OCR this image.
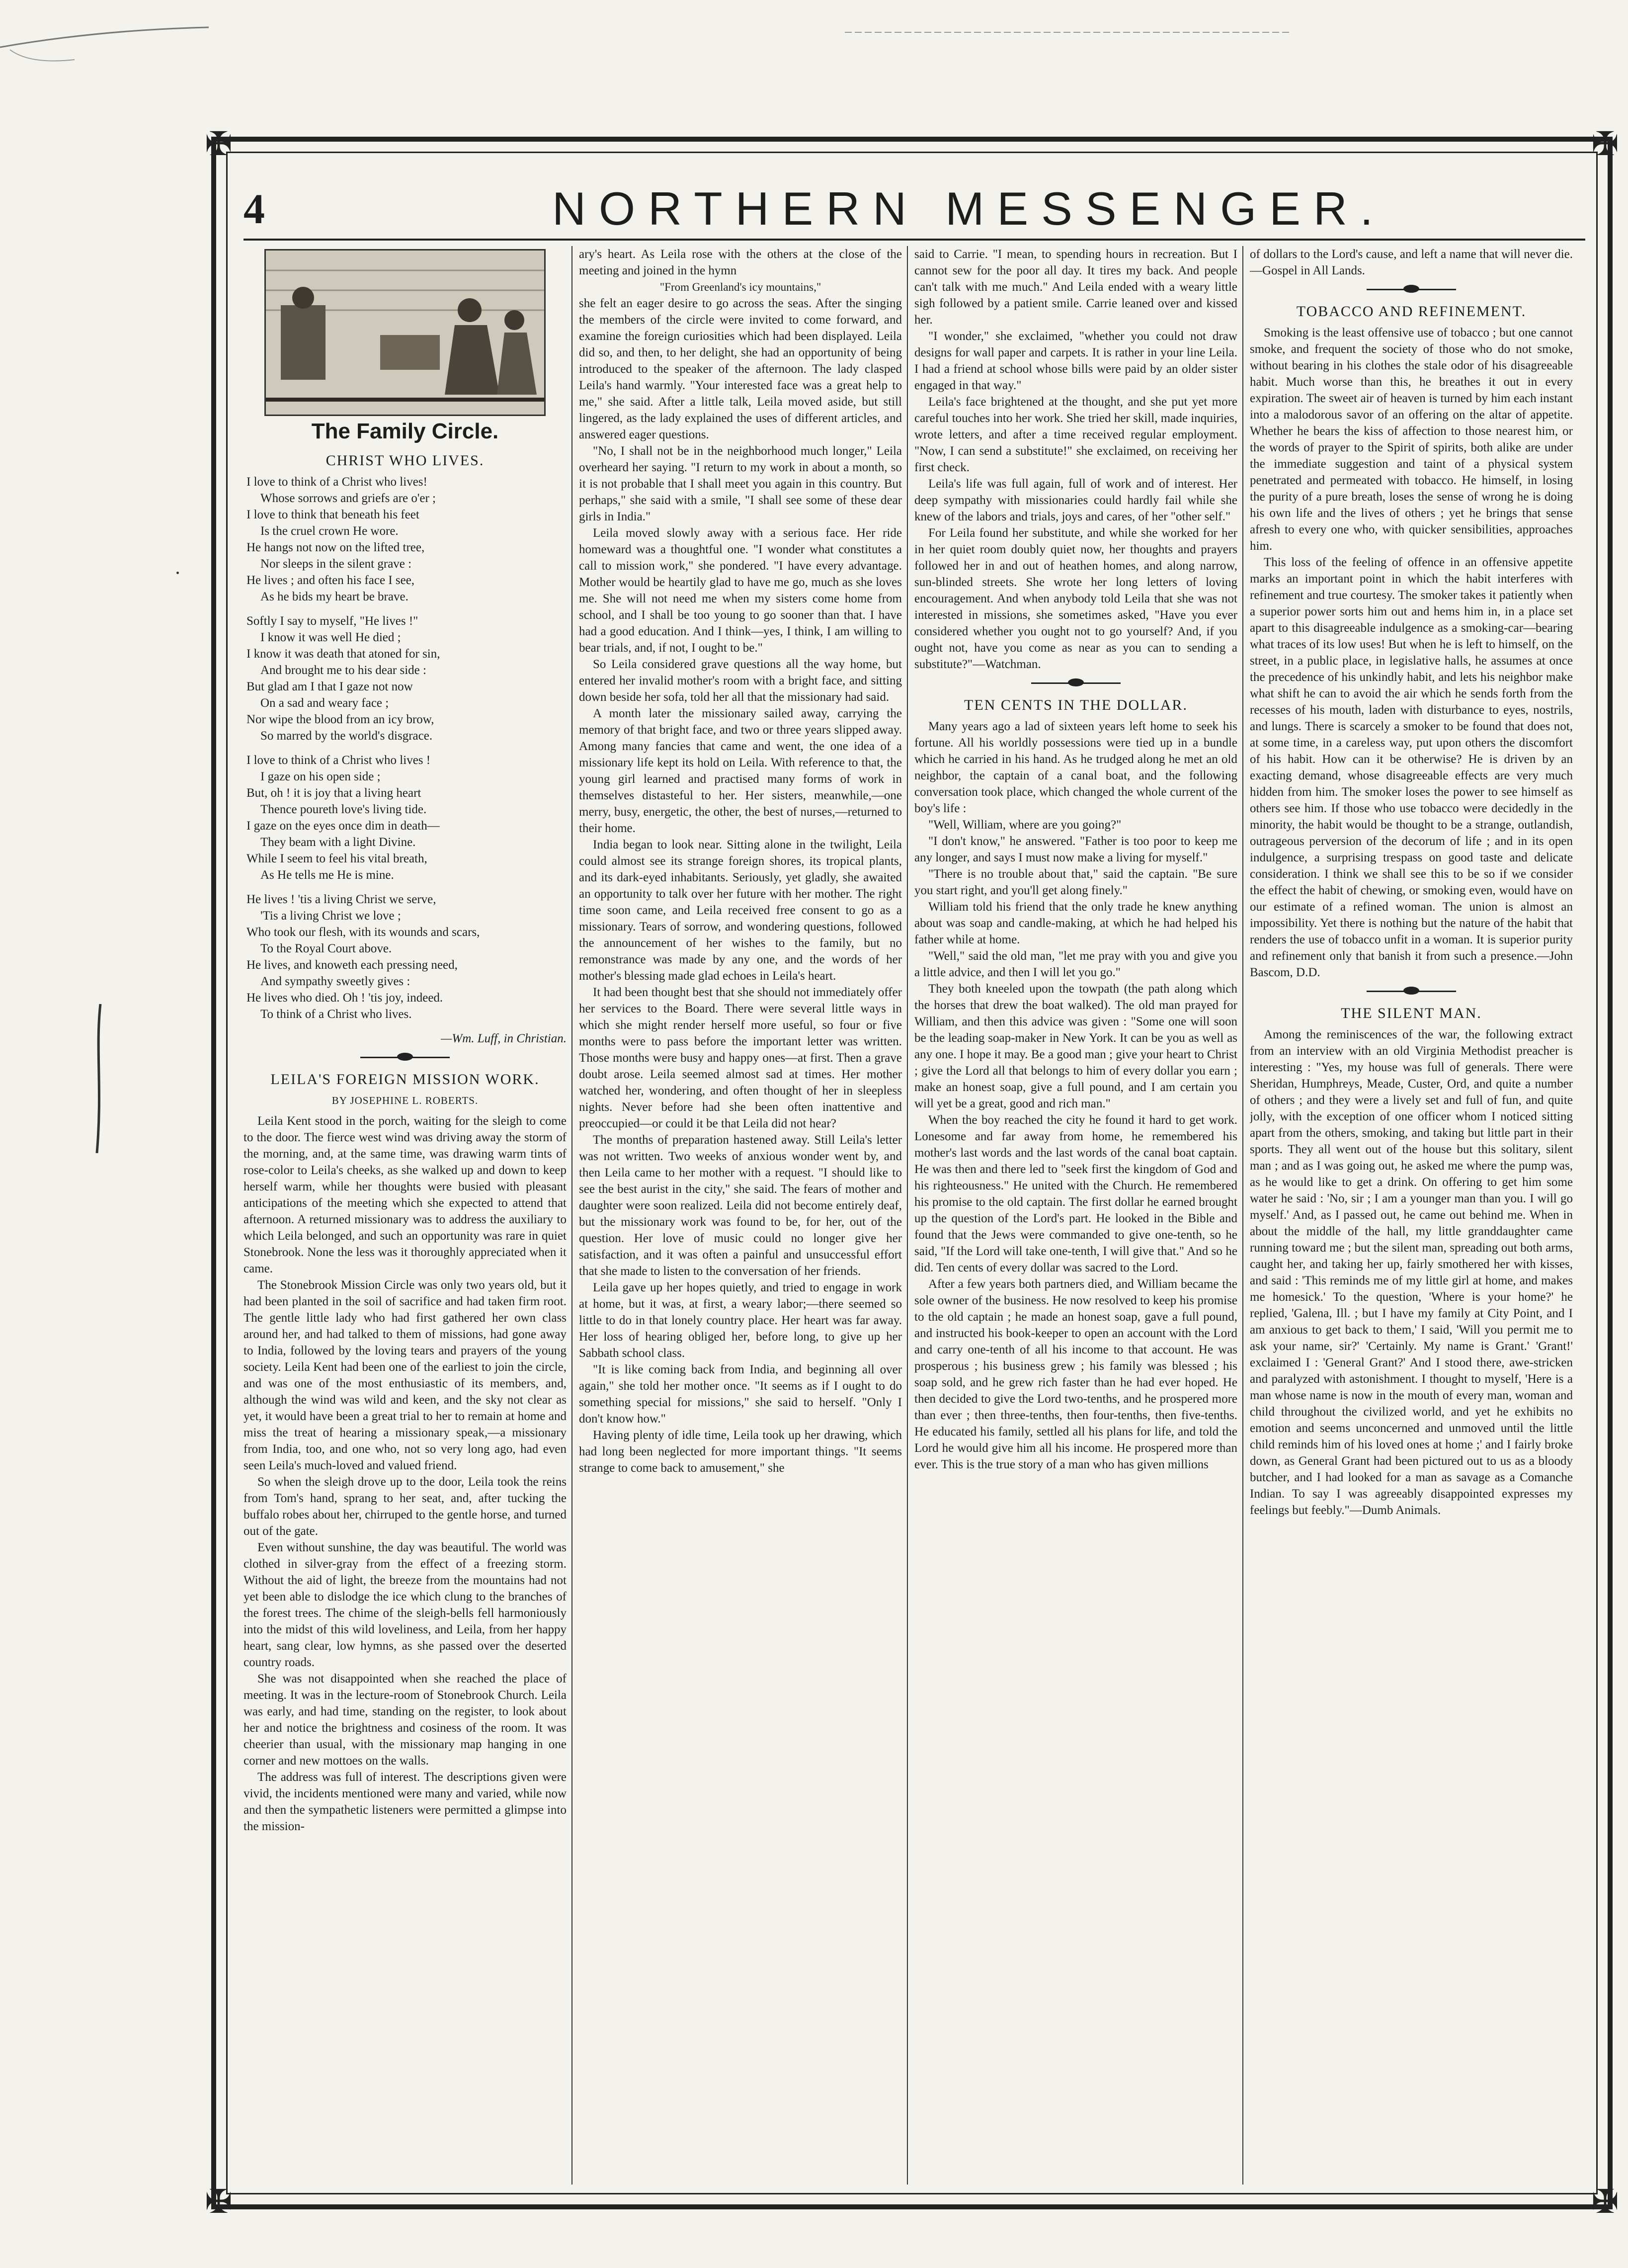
✠	✠
✠	✠
4	NORTHERN MESSENGER.
The Family Circle.
CHRIST WHO LIVES.
I love to think of a Christ who lives!
Whose sorrows and griefs are o'er ;
I love to think that beneath his feet
Is the cruel crown He wore.
He hangs not now on the lifted tree,
Nor sleeps in the silent grave :
He lives ; and often his face I see,
As he bids my heart be brave.
Softly I say to myself, "He lives !"
I know it was well He died ;
I know it was death that atoned for sin,
And brought me to his dear side :
But glad am I that I gaze not now
On a sad and weary face ;
Nor wipe the blood from an icy brow,
So marred by the world's disgrace.
I love to think of a Christ who lives !
I gaze on his open side ;
But, oh ! it is joy that a living heart
Thence poureth love's living tide.
I gaze on the eyes once dim in death—
They beam with a light Divine.
While I seem to feel his vital breath,
As He tells me He is mine.
He lives ! 'tis a living Christ we serve,
'Tis a living Christ we love ;
Who took our flesh, with its wounds and scars,
To the Royal Court above.
He lives, and knoweth each pressing need,
And sympathy sweetly gives :
He lives who died. Oh ! 'tis joy, indeed.
To think of a Christ who lives.
—Wm. Luff, in Christian.
LEILA'S FOREIGN MISSION WORK.
BY JOSEPHINE L. ROBERTS.

Leila Kent stood in the porch, waiting for the sleigh to come to the door. The fierce west wind was driving away the storm of the morning, and, at the same time, was drawing warm tints of rose-color to Leila's cheeks, as she walked up and down to keep herself warm, while her thoughts were busied with pleasant anticipations of the meeting which she expected to attend that afternoon. A returned missionary was to address the auxiliary to which Leila belonged, and such an opportunity was rare in quiet Stonebrook. None the less was it thoroughly appreciated when it came.

The Stonebrook Mission Circle was only two years old, but it had been planted in the soil of sacrifice and had taken firm root. The gentle little lady who had first gathered her own class around her, and had talked to them of missions, had gone away to India, followed by the loving tears and prayers of the young society. Leila Kent had been one of the earliest to join the circle, and was one of the most enthusiastic of its members, and, although the wind was wild and keen, and the sky not clear as yet, it would have been a great trial to her to remain at home and miss the treat of hearing a missionary speak,—a missionary from India, too, and one who, not so very long ago, had even seen Leila's much-loved and valued friend.

So when the sleigh drove up to the door, Leila took the reins from Tom's hand, sprang to her seat, and, after tucking the buffalo robes about her, chirruped to the gentle horse, and turned out of the gate.

Even without sunshine, the day was beautiful. The world was clothed in silver-gray from the effect of a freezing storm. Without the aid of light, the breeze from the mountains had not yet been able to dislodge the ice which clung to the branches of the forest trees. The chime of the sleigh-bells fell harmoniously into the midst of this wild loveliness, and Leila, from her happy heart, sang clear, low hymns, as she passed over the deserted country roads.

She was not disappointed when she reached the place of meeting. It was in the lecture-room of Stonebrook Church. Leila was early, and had time, standing on the register, to look about her and notice the brightness and cosiness of the room. It was cheerier than usual, with the missionary map hanging in one corner and new mottoes on the walls.

The address was full of interest. The descriptions given were vivid, the incidents mentioned were many and varied, while now and then the sympathetic listeners were permitted a glimpse into the mission-

ary's heart. As Leila rose with the others at the close of the meeting and joined in the hymn

"From Greenland's icy mountains,"

she felt an eager desire to go across the seas. After the singing the members of the circle were invited to come forward, and examine the foreign curiosities which had been displayed. Leila did so, and then, to her delight, she had an opportunity of being introduced to the speaker of the afternoon. The lady clasped Leila's hand warmly. "Your interested face was a great help to me," she said. After a little talk, Leila moved aside, but still lingered, as the lady explained the uses of different articles, and answered eager questions.

"No, I shall not be in the neighborhood much longer," Leila overheard her saying. "I return to my work in about a month, so it is not probable that I shall meet you again in this country. But perhaps," she said with a smile, "I shall see some of these dear girls in India."

Leila moved slowly away with a serious face. Her ride homeward was a thoughtful one. "I wonder what constitutes a call to mission work," she pondered. "I have every advantage. Mother would be heartily glad to have me go, much as she loves me. She will not need me when my sisters come home from school, and I shall be too young to go sooner than that. I have had a good education. And I think—yes, I think, I am willing to bear trials, and, if not, I ought to be."

So Leila considered grave questions all the way home, but entered her invalid mother's room with a bright face, and sitting down beside her sofa, told her all that the missionary had said.

A month later the missionary sailed away, carrying the memory of that bright face, and two or three years slipped away. Among many fancies that came and went, the one idea of a missionary life kept its hold on Leila. With reference to that, the young girl learned and practised many forms of work in themselves distasteful to her. Her sisters, meanwhile,—one merry, busy, energetic, the other, the best of nurses,—returned to their home.

India began to look near. Sitting alone in the twilight, Leila could almost see its strange foreign shores, its tropical plants, and its dark-eyed inhabitants. Seriously, yet gladly, she awaited an opportunity to talk over her future with her mother. The right time soon came, and Leila received free consent to go as a missionary. Tears of sorrow, and wondering questions, followed the announcement of her wishes to the family, but no remonstrance was made by any one, and the words of her mother's blessing made glad echoes in Leila's heart.

It had been thought best that she should not immediately offer her services to the Board. There were several little ways in which she might render herself more useful, so four or five months were to pass before the important letter was written. Those months were busy and happy ones—at first. Then a grave doubt arose. Leila seemed almost sad at times. Her mother watched her, wondering, and often thought of her in sleepless nights. Never before had she been often inattentive and preoccupied—or could it be that Leila did not hear?

The months of preparation hastened away. Still Leila's letter was not written. Two weeks of anxious wonder went by, and then Leila came to her mother with a request. "I should like to see the best aurist in the city," she said. The fears of mother and daughter were soon realized. Leila did not become entirely deaf, but the missionary work was found to be, for her, out of the question. Her love of music could no longer give her satisfaction, and it was often a painful and unsuccessful effort that she made to listen to the conversation of her friends.

Leila gave up her hopes quietly, and tried to engage in work at home, but it was, at first, a weary labor;—there seemed so little to do in that lonely country place. Her heart was far away. Her loss of hearing obliged her, before long, to give up her Sabbath school class.

"It is like coming back from India, and beginning all over again," she told her mother once. "It seems as if I ought to do something special for missions," she said to herself. "Only I don't know how."

Having plenty of idle time, Leila took up her drawing, which had long been neglected for more important things. "It seems strange to come back to amusement," she

said to Carrie. "I mean, to spending hours in recreation. But I cannot sew for the poor all day. It tires my back. And people can't talk with me much." And Leila ended with a weary little sigh followed by a patient smile. Carrie leaned over and kissed her.

"I wonder," she exclaimed, "whether you could not draw designs for wall paper and carpets. It is rather in your line Leila. I had a friend at school whose bills were paid by an older sister engaged in that way."

Leila's face brightened at the thought, and she put yet more careful touches into her work. She tried her skill, made inquiries, wrote letters, and after a time received regular employment. "Now, I can send a substitute!" she exclaimed, on receiving her first check.

Leila's life was full again, full of work and of interest. Her deep sympathy with missionaries could hardly fail while she knew of the labors and trials, joys and cares, of her "other self."

For Leila found her substitute, and while she worked for her in her quiet room doubly quiet now, her thoughts and prayers followed her in and out of heathen homes, and along narrow, sun-blinded streets. She wrote her long letters of loving encouragement. And when anybody told Leila that she was not interested in missions, she sometimes asked, "Have you ever considered whether you ought not to go yourself? And, if you ought not, have you come as near as you can to sending a substitute?"—Watchman.

TEN CENTS IN THE DOLLAR.

Many years ago a lad of sixteen years left home to seek his fortune. All his worldly possessions were tied up in a bundle which he carried in his hand. As he trudged along he met an old neighbor, the captain of a canal boat, and the following conversation took place, which changed the whole current of the boy's life :

"Well, William, where are you going?"

"I don't know," he answered. "Father is too poor to keep me any longer, and says I must now make a living for myself."

"There is no trouble about that," said the captain. "Be sure you start right, and you'll get along finely."

William told his friend that the only trade he knew anything about was soap and candle-making, at which he had helped his father while at home.

"Well," said the old man, "let me pray with you and give you a little advice, and then I will let you go."

They both kneeled upon the towpath (the path along which the horses that drew the boat walked). The old man prayed for William, and then this advice was given : "Some one will soon be the leading soap-maker in New York. It can be you as well as any one. I hope it may. Be a good man ; give your heart to Christ ; give the Lord all that belongs to him of every dollar you earn ; make an honest soap, give a full pound, and I am certain you will yet be a great, good and rich man."

When the boy reached the city he found it hard to get work. Lonesome and far away from home, he remembered his mother's last words and the last words of the canal boat captain. He was then and there led to "seek first the kingdom of God and his righteousness." He united with the Church. He remembered his promise to the old captain. The first dollar he earned brought up the question of the Lord's part. He looked in the Bible and found that the Jews were commanded to give one-tenth, so he said, "If the Lord will take one-tenth, I will give that." And so he did. Ten cents of every dollar was sacred to the Lord.

After a few years both partners died, and William became the sole owner of the business. He now resolved to keep his promise to the old captain ; he made an honest soap, gave a full pound, and instructed his book-keeper to open an account with the Lord and carry one-tenth of all his income to that account. He was prosperous ; his business grew ; his family was blessed ; his soap sold, and he grew rich faster than he had ever hoped. He then decided to give the Lord two-tenths, and he prospered more than ever ; then three-tenths, then four-tenths, then five-tenths. He educated his family, settled all his plans for life, and told the Lord he would give him all his income. He prospered more than ever. This is the true story of a man who has given millions

of dollars to the Lord's cause, and left a name that will never die.—Gospel in All Lands.

TOBACCO AND REFINEMENT.

Smoking is the least offensive use of tobacco ; but one cannot smoke, and frequent the society of those who do not smoke, without bearing in his clothes the stale odor of his disagreeable habit. Much worse than this, he breathes it out in every expiration. The sweet air of heaven is turned by him each instant into a malodorous savor of an offering on the altar of appetite. Whether he bears the kiss of affection to those nearest him, or the words of prayer to the Spirit of spirits, both alike are under the immediate suggestion and taint of a physical system penetrated and permeated with tobacco. He himself, in losing the purity of a pure breath, loses the sense of wrong he is doing his own life and the lives of others ; yet he brings that sense afresh to every one who, with quicker sensibilities, approaches him.

This loss of the feeling of offence in an offensive appetite marks an important point in which the habit interferes with refinement and true courtesy. The smoker takes it patiently when a superior power sorts him out and hems him in, in a place set apart to this disagreeable indulgence as a smoking-car—bearing what traces of its low uses! But when he is left to himself, on the street, in a public place, in legislative halls, he assumes at once the precedence of his unkindly habit, and lets his neighbor make what shift he can to avoid the air which he sends forth from the recesses of his mouth, laden with disturbance to eyes, nostrils, and lungs. There is scarcely a smoker to be found that does not, at some time, in a careless way, put upon others the discomfort of his habit. How can it be otherwise? He is driven by an exacting demand, whose disagreeable effects are very much hidden from him. The smoker loses the power to see himself as others see him. If those who use tobacco were decidedly in the minority, the habit would be thought to be a strange, outlandish, outrageous perversion of the decorum of life ; and in its open indulgence, a surprising trespass on good taste and delicate consideration. I think we shall see this to be so if we consider the effect the habit of chewing, or smoking even, would have on our estimate of a refined woman. The union is almost an impossibility. Yet there is nothing but the nature of the habit that renders the use of tobacco unfit in a woman. It is superior purity and refinement only that banish it from such a presence.—John Bascom, D.D.

THE SILENT MAN.

Among the reminiscences of the war, the following extract from an interview with an old Virginia Methodist preacher is interesting : "Yes, my house was full of generals. There were Sheridan, Humphreys, Meade, Custer, Ord, and quite a number of others ; and they were a lively set and full of fun, and quite jolly, with the exception of one officer whom I noticed sitting apart from the others, smoking, and taking but little part in their sports. They all went out of the house but this solitary, silent man ; and as I was going out, he asked me where the pump was, as he would like to get a drink. On offering to get him some water he said : 'No, sir ; I am a younger man than you. I will go myself.' And, as I passed out, he came out behind me. When in about the middle of the hall, my little granddaughter came running toward me ; but the silent man, spreading out both arms, caught her, and taking her up, fairly smothered her with kisses, and said : 'This reminds me of my little girl at home, and makes me homesick.' To the question, 'Where is your home?' he replied, 'Galena, Ill. ; but I have my family at City Point, and I am anxious to get back to them,' I said, 'Will you permit me to ask your name, sir?' 'Certainly. My name is Grant.' 'Grant!' exclaimed I : 'General Grant?' And I stood there, awe-stricken and paralyzed with astonishment. I thought to myself, 'Here is a man whose name is now in the mouth of every man, woman and child throughout the civilized world, and yet he exhibits no emotion and seems unconcerned and unmoved until the little child reminds him of his loved ones at home ;' and I fairly broke down, as General Grant had been pictured out to us as a bloody butcher, and I had looked for a man as savage as a Comanche Indian. To say I was agreeably disappointed expresses my feelings but feebly."—Dumb Animals.
